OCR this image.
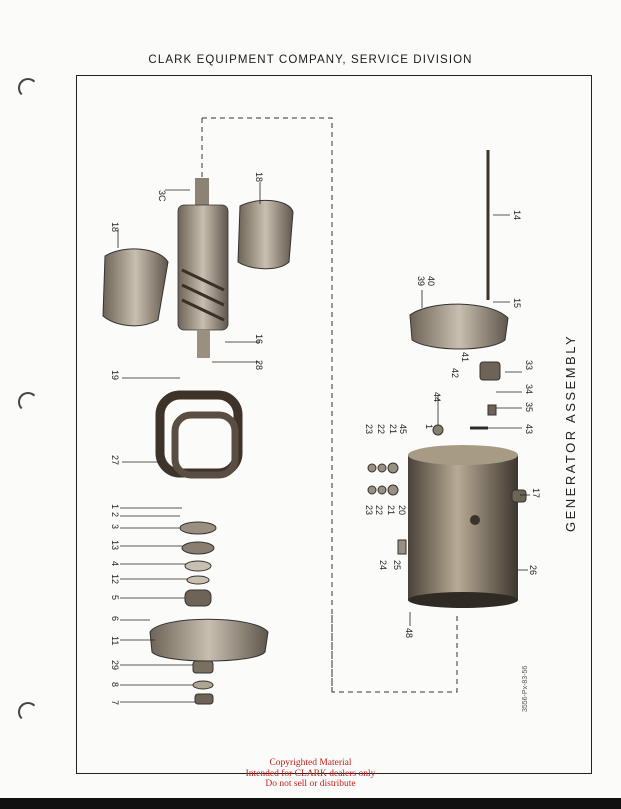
CLARK EQUIPMENT COMPANY, SERVICE DIVISION
3C
18
18
16
28
19
27
1
2
3
13
4
12
5
6
11
29
8
7
14
15
39 40
42
41
33
34
35
43
44
23 22 21 45
23 22 21 20
24 25	26
17
48
1	GENERATOR ASSEMBLY
3556-Px-83-56
Copyrighted Material
Intended for CLARK dealers only
Do not sell or distribute
